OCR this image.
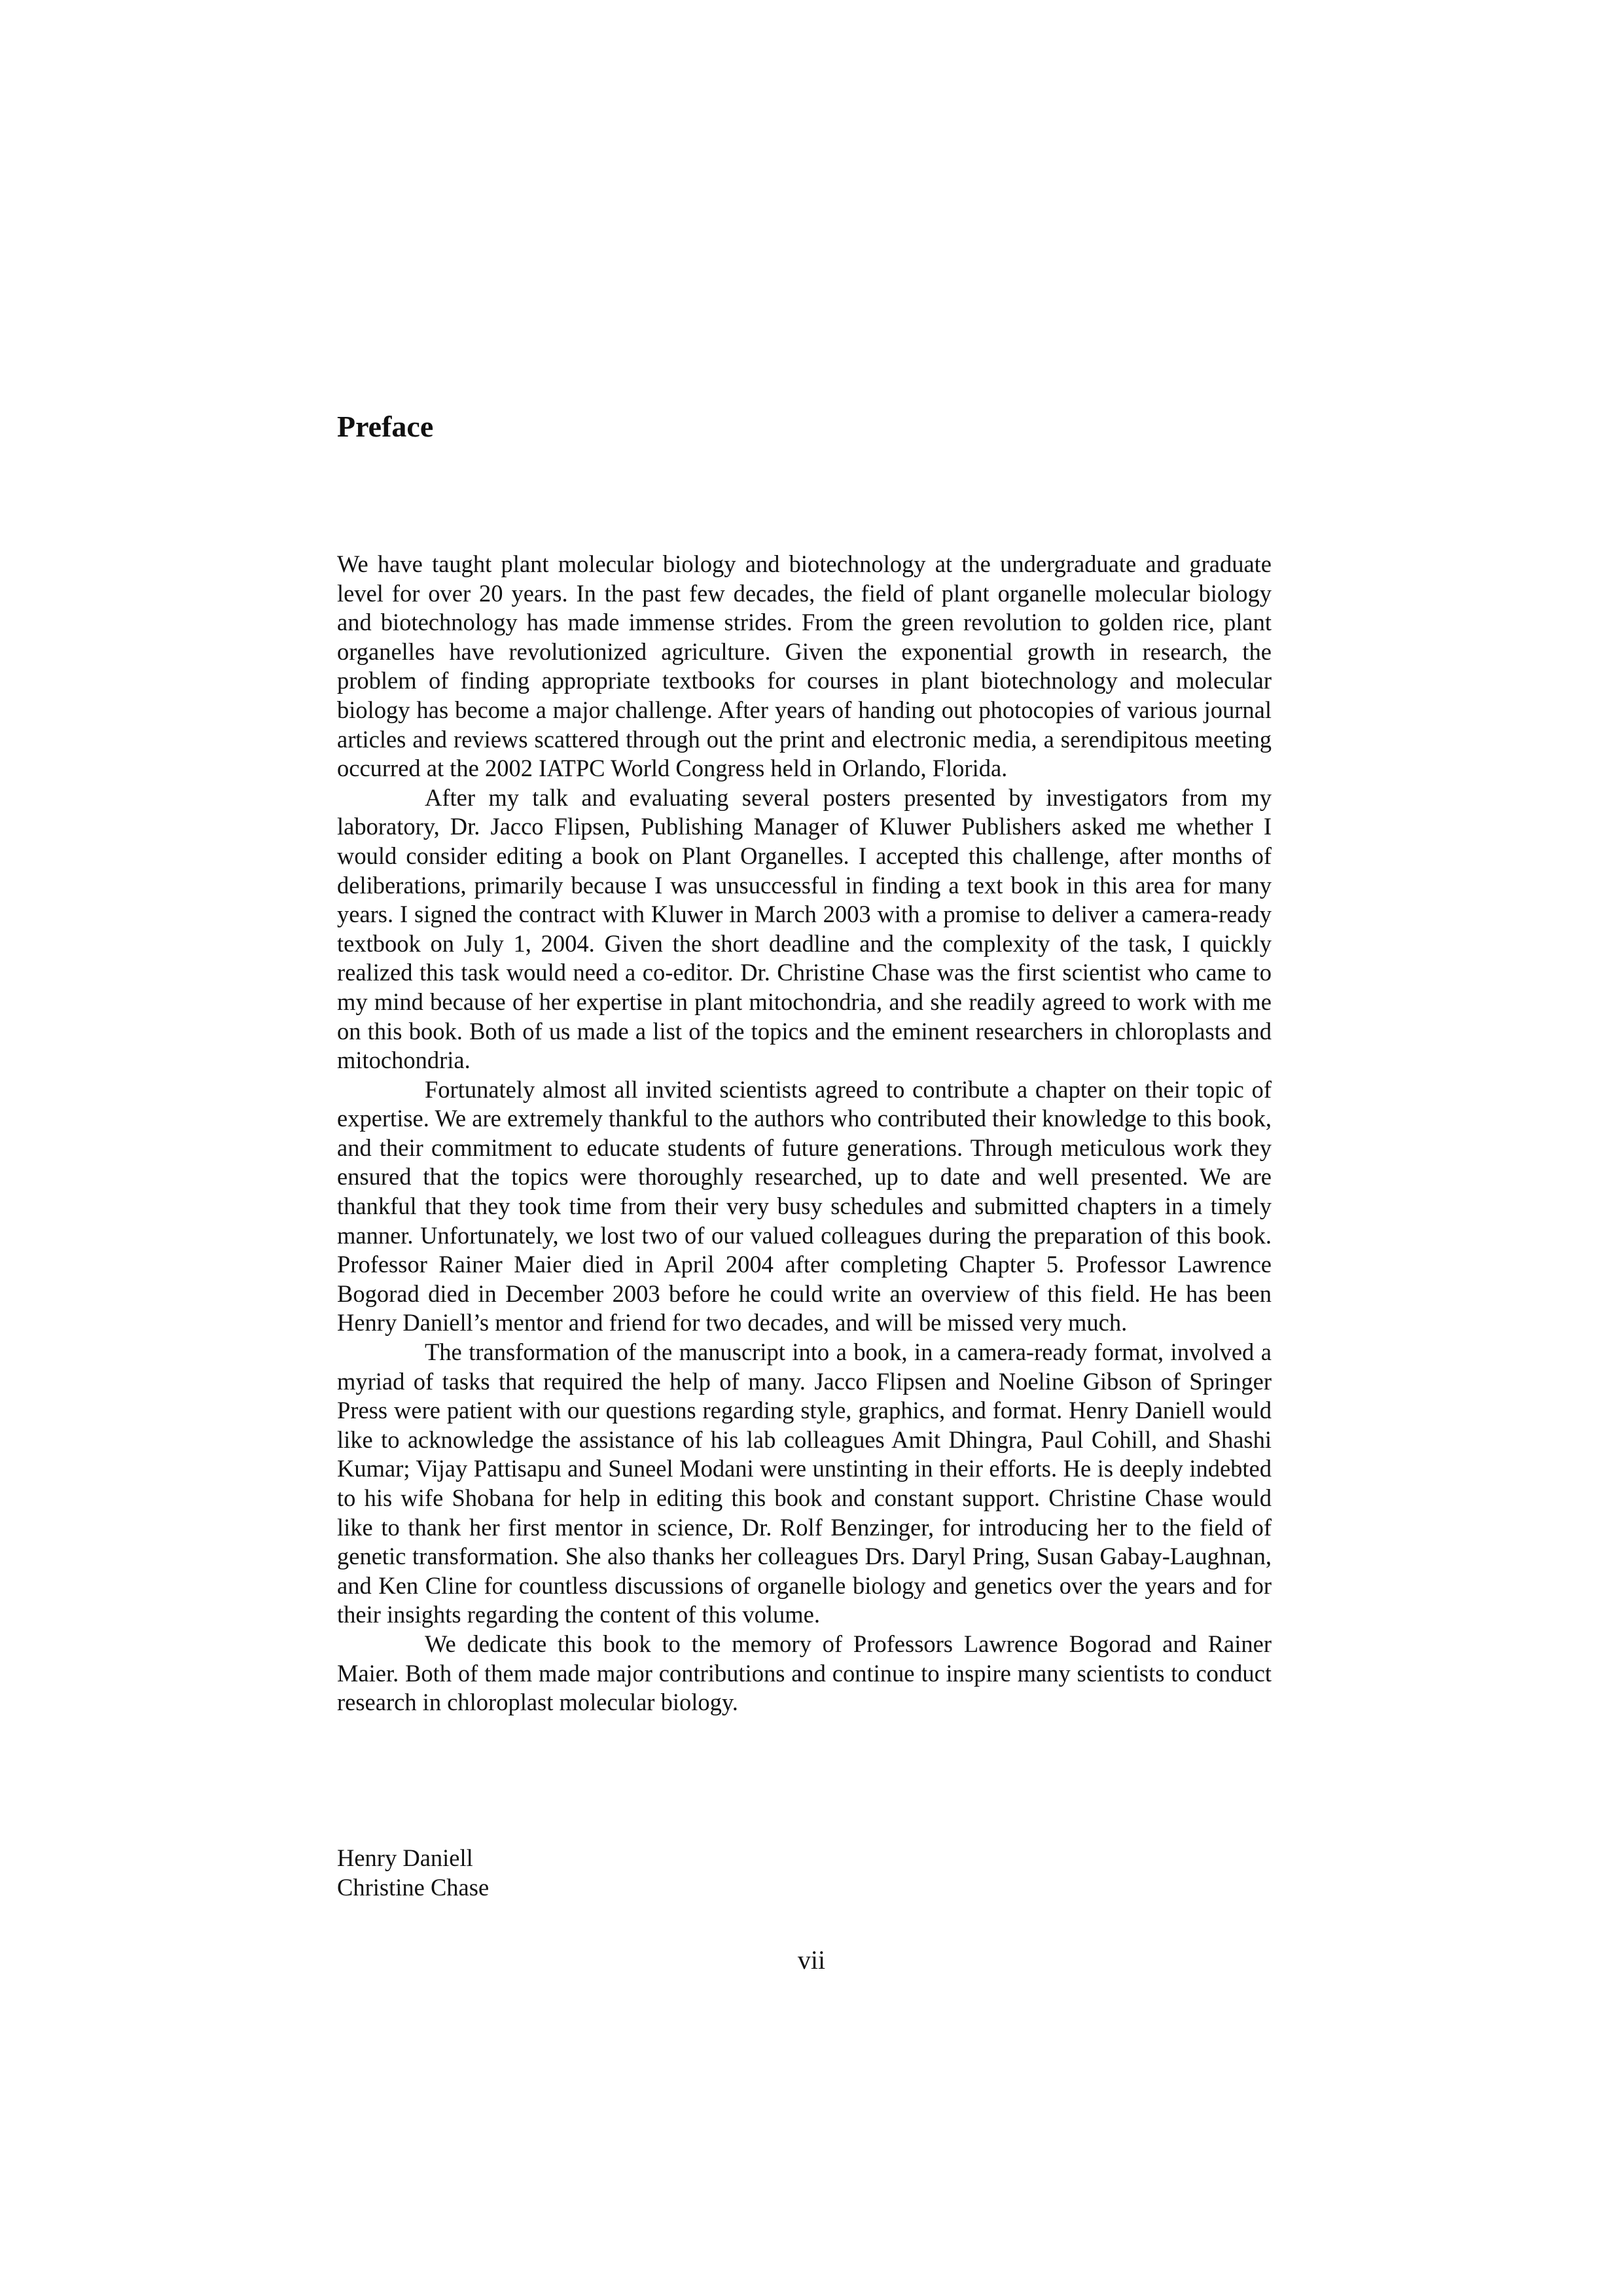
Preface

We have taught plant molecular biology and biotechnology at the undergraduate and graduate level for over 20 years. In the past few decades, the field of plant organelle molecular biology and biotechnology has made immense strides. From the green revolution to golden rice, plant organelles have revolutionized agriculture. Given the exponential growth in research, the problem of finding appropriate textbooks for courses in plant biotechnology and molecular biology has become a major challenge. After years of handing out photocopies of various journal articles and reviews scattered through out the print and electronic media, a serendipitous meeting occurred at the 2002 IATPC World Congress held in Orlando, Florida.

After my talk and evaluating several posters presented by investigators from my laboratory, Dr. Jacco Flipsen, Publishing Manager of Kluwer Publishers asked me whether I would consider editing a book on Plant Organelles. I accepted this challenge, after months of deliberations, primarily because I was unsuccessful in finding a text book in this area for many years. I signed the contract with Kluwer in March 2003 with a promise to deliver a camera-ready textbook on July 1, 2004. Given the short deadline and the complexity of the task, I quickly realized this task would need a co-editor. Dr. Christine Chase was the first scientist who came to my mind because of her expertise in plant mitochondria, and she readily agreed to work with me on this book. Both of us made a list of the topics and the eminent researchers in chloroplasts and mitochondria.

Fortunately almost all invited scientists agreed to contribute a chapter on their topic of expertise. We are extremely thankful to the authors who contributed their knowledge to this book, and their commitment to educate students of future generations. Through meticulous work they ensured that the topics were thoroughly researched, up to date and well presented. We are thankful that they took time from their very busy schedules and submitted chapters in a timely manner. Unfortunately, we lost two of our valued colleagues during the preparation of this book. Professor Rainer Maier died in April 2004 after completing Chapter 5. Professor Lawrence Bogorad died in December 2003 before he could write an overview of this field. He has been Henry Daniell’s mentor and friend for two decades, and will be missed very much.

The transformation of the manuscript into a book, in a camera-ready format, involved a myriad of tasks that required the help of many. Jacco Flipsen and Noeline Gibson of Springer Press were patient with our questions regarding style, graphics, and format. Henry Daniell would like to acknowledge the assistance of his lab colleagues Amit Dhingra, Paul Cohill, and Shashi Kumar; Vijay Pattisapu and Suneel Modani were unstinting in their efforts. He is deeply indebted to his wife Shobana for help in editing this book and constant support. Christine Chase would like to thank her first mentor in science, Dr. Rolf Benzinger, for introducing her to the field of genetic transformation. She also thanks her colleagues Drs. Daryl Pring, Susan Gabay-Laughnan, and Ken Cline for countless discussions of organelle biology and genetics over the years and for their insights regarding the content of this volume.

We dedicate this book to the memory of Professors Lawrence Bogorad and Rainer Maier. Both of them made major contributions and continue to inspire many scientists to conduct research in chloroplast molecular biology.

Henry Daniell
Christine Chase
vii
